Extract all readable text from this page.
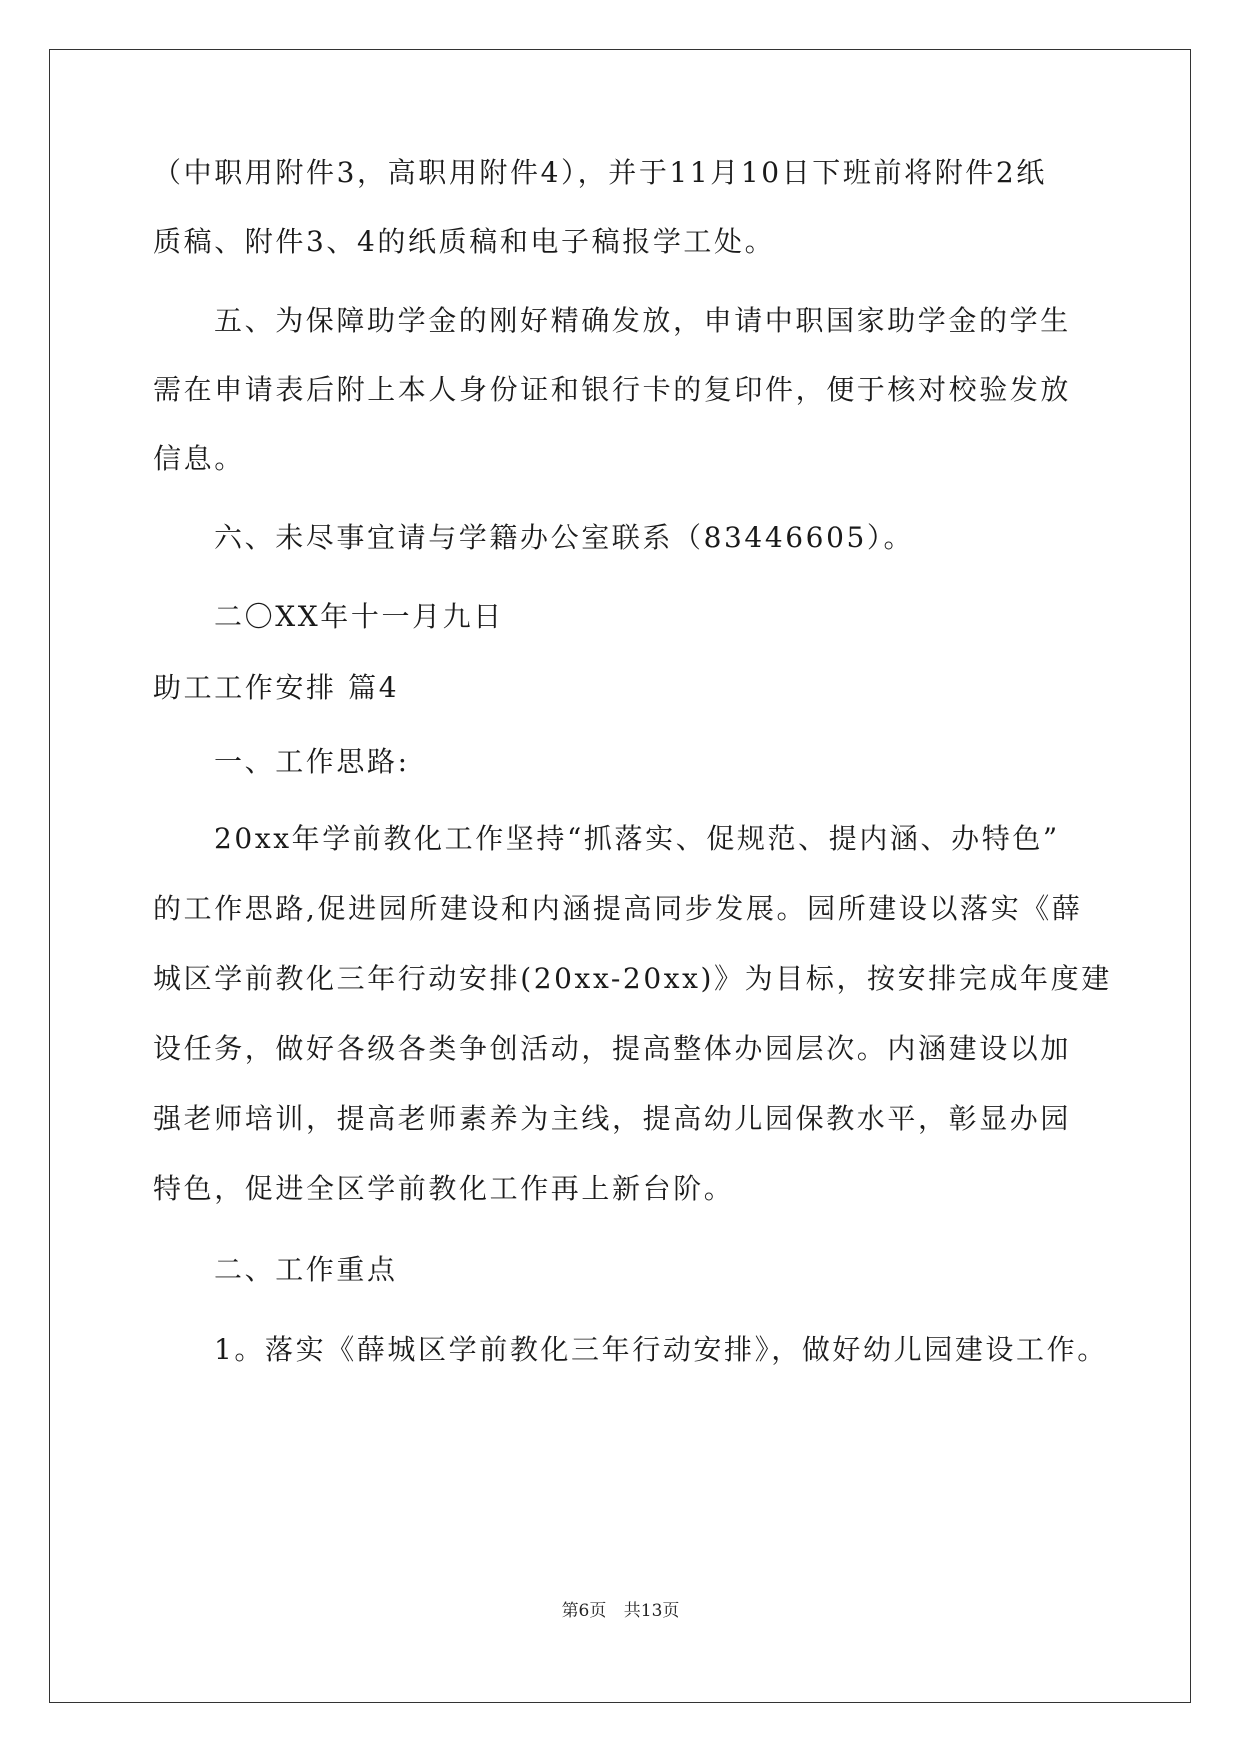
（中职用附件3，高职用附件4），并于11月10日下班前将附件2纸
质稿、附件3、4的纸质稿和电子稿报学工处。
五、为保障助学金的刚好精确发放，申请中职国家助学金的学生
需在申请表后附上本人身份证和银行卡的复印件，便于核对校验发放
信息。
六、未尽事宜请与学籍办公室联系（83446605）。
二〇XX年十一月九日
助工工作安排 篇4
一、工作思路:
20xx年学前教化工作坚持“抓落实、促规范、提内涵、办特色”
的工作思路,促进园所建设和内涵提高同步发展。园所建设以落实《薛
城区学前教化三年行动安排(20xx-20xx)》为目标，按安排完成年度建
设任务，做好各级各类争创活动，提高整体办园层次。内涵建设以加
强老师培训，提高老师素养为主线，提高幼儿园保教水平，彰显办园
特色，促进全区学前教化工作再上新台阶。
二、工作重点
1。落实《薛城区学前教化三年行动安排》，做好幼儿园建设工作。
第6页 共13页
